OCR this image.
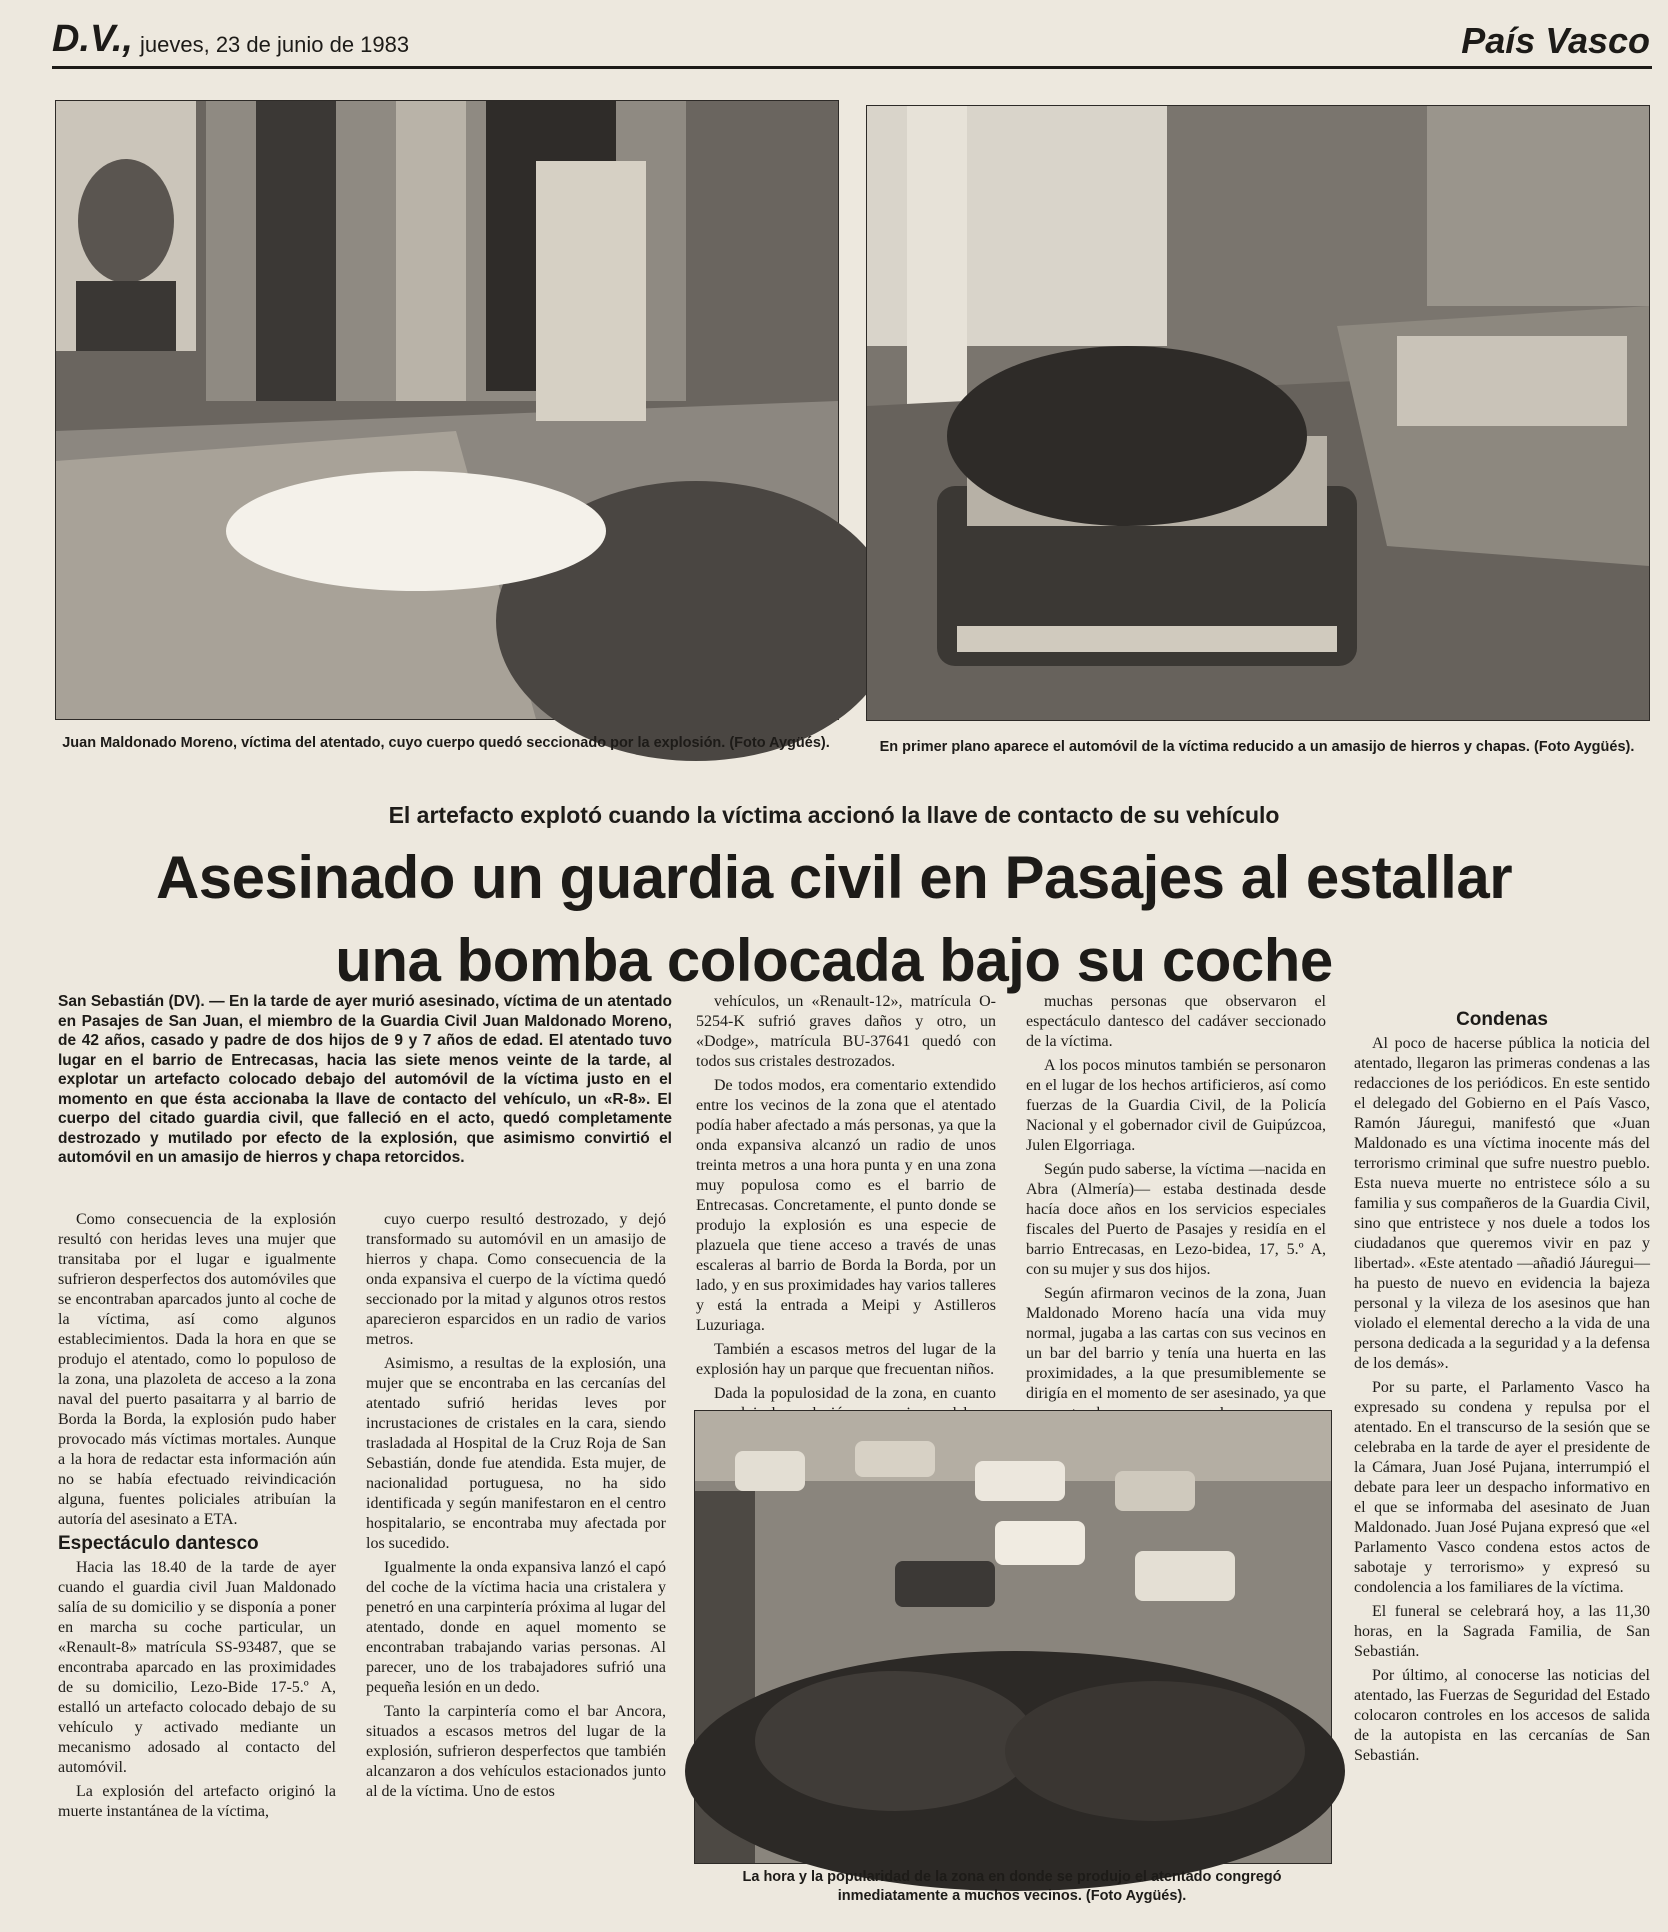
D.V., jueves, 23 de junio de 1983	País Vasco
Juan Maldonado Moreno, víctima del atentado, cuyo cuerpo quedó seccionado por la explosión. (Foto Aygüés).	En primer plano aparece el automóvil de la víctima reducido a un amasijo de hierros y chapas. (Foto Aygüés).
El artefacto explotó cuando la víctima accionó la llave de contacto de su vehículo
Asesinado un guardia civil en Pasajes al estallar
una bomba colocada bajo su coche

San Sebastián (DV). — En la tarde de ayer murió asesinado, víctima de un atentado en Pasajes de San Juan, el miembro de la Guardia Civil Juan Maldonado Moreno, de 42 años, casado y padre de dos hijos de 9 y 7 años de edad. El atentado tuvo lugar en el barrio de Entrecasas, hacia las siete menos veinte de la tarde, al explotar un artefacto colocado debajo del automóvil de la víctima justo en el momento en que ésta accionaba la llave de contacto del vehículo, un «R-8». El cuerpo del citado guardia civil, que falleció en el acto, quedó completamente destrozado y mutilado por efecto de la explosión, que asimismo convirtió el automóvil en un amasijo de hierros y chapa retorcidos.

Como consecuencia de la explosión resultó con heridas leves una mujer que transitaba por el lugar e igualmente sufrieron desperfectos dos automóviles que se encontraban aparcados junto al coche de la víctima, así como algunos establecimientos. Dada la hora en que se produjo el atentado, como lo populoso de la zona, una plazoleta de acceso a la zona naval del puerto pasaitarra y al barrio de Borda la Borda, la explosión pudo haber provocado más víctimas mortales. Aunque a la hora de redactar esta información aún no se había efectuado reivindicación alguna, fuentes policiales atribuían la autoría del asesinato a ETA.

Espectáculo dantesco

Hacia las 18.40 de la tarde de ayer cuando el guardia civil Juan Maldonado salía de su domicilio y se disponía a poner en marcha su coche particular, un «Renault-8» matrícula SS-93487, que se encontraba aparcado en las proximidades de su domicilio, Lezo-Bide 17-5.º A, estalló un artefacto colocado debajo de su vehículo y activado mediante un mecanismo adosado al contacto del automóvil.

La explosión del artefacto originó la muerte instantánea de la víctima,

cuyo cuerpo resultó destrozado, y dejó transformado su automóvil en un amasijo de hierros y chapa. Como consecuencia de la onda expansiva el cuerpo de la víctima quedó seccionado por la mitad y algunos otros restos aparecieron esparcidos en un radio de varios metros.

Asimismo, a resultas de la explosión, una mujer que se encontraba en las cercanías del atentado sufrió heridas leves por incrustaciones de cristales en la cara, siendo trasladada al Hospital de la Cruz Roja de San Sebastián, donde fue atendida. Esta mujer, de nacionalidad portuguesa, no ha sido identificada y según manifestaron en el centro hospitalario, se encontraba muy afectada por los sucedido.

Igualmente la onda expansiva lanzó el capó del coche de la víctima hacia una cristalera y penetró en una carpintería próxima al lugar del atentado, donde en aquel momento se encontraban trabajando varias personas. Al parecer, uno de los trabajadores sufrió una pequeña lesión en un dedo.

Tanto la carpintería como el bar Ancora, situados a escasos metros del lugar de la explosión, sufrieron desperfectos que también alcanzaron a dos vehículos estacionados junto al de la víctima. Uno de estos

vehículos, un «Renault-12», matrícula O-5254-K sufrió graves daños y otro, un «Dodge», matrícula BU-37641 quedó con todos sus cristales destrozados.

De todos modos, era comentario extendido entre los vecinos de la zona que el atentado podía haber afectado a más personas, ya que la onda expansiva alcanzó un radio de unos treinta metros a una hora punta y en una zona muy populosa como es el barrio de Entrecasas. Concretamente, el punto donde se produjo la explosión es una especie de plazuela que tiene acceso a través de unas escaleras al barrio de Borda la Borda, por un lado, y en sus proximidades hay varios talleres y está la entrada a Meipi y Astilleros Luzuriaga.

También a escasos metros del lugar de la explosión hay un parque que frecuentan niños.

Dada la populosidad de la zona, en cuanto

muchas personas que observaron el espectáculo dantesco del cadáver seccionado de la víctima.

A los pocos minutos también se personaron en el lugar de los hechos artificieros, así como fuerzas de la Guardia Civil, de la Policía Nacional y el gobernador civil de Guipúzcoa, Julen Elgorriaga.

Según pudo saberse, la víctima —nacida en Abra (Almería)— estaba destinada desde hacía doce años en los servicios especiales fiscales del Puerto de Pasajes y residía en el barrio Entrecasas, en Lezo-bidea, 17, 5.º A, con su mujer y sus dos hijos.

Según afirmaron vecinos de la zona, Juan Maldonado Moreno hacía una vida muy normal, jugaba a las cartas con sus vecinos en un bar del barrio y tenía una huerta en las proximidades, a la que presumiblemente se dirigía en el momento de ser asesinado, ya que

La hora y la popularidad de la zona en donde se produjo el atentado congregó inmediatamente a muchos vecinos. (Foto Aygüés).

Condenas

Al poco de hacerse pública la noticia del atentado, llegaron las primeras condenas a las redacciones de los periódicos. En este sentido el delegado del Gobierno en el País Vasco, Ramón Jáuregui, manifestó que «Juan Maldonado es una víctima inocente más del terrorismo criminal que sufre nuestro pueblo. Esta nueva muerte no entristece sólo a su familia y sus compañeros de la Guardia Civil, sino que entristece y nos duele a todos los ciudadanos que queremos vivir en paz y libertad». «Este atentado —añadió Jáuregui— ha puesto de nuevo en evidencia la bajeza personal y la vileza de los asesinos que han violado el elemental derecho a la vida de una persona dedicada a la seguridad y a la defensa de los demás».

Por su parte, el Parlamento Vasco ha expresado su condena y repulsa por el atentado. En el transcurso de la sesión que se celebraba en la tarde de ayer el presidente de la Cámara, Juan José Pujana, interrumpió el debate para leer un despacho informativo en el que se informaba del asesinato de Juan Maldonado. Juan José Pujana expresó que «el Parlamento Vasco condena estos actos de sabotaje y terrorismo» y expresó su condolencia a los familiares de la víctima.

El funeral se celebrará hoy, a las 11,30 horas, en la Sagrada Familia, de San Sebastián.

Por último, al conocerse las noticias del atentado, las Fuerzas de Seguridad del Estado colocaron controles en los accesos de salida de la autopista en las cercanías de San Sebastián.
